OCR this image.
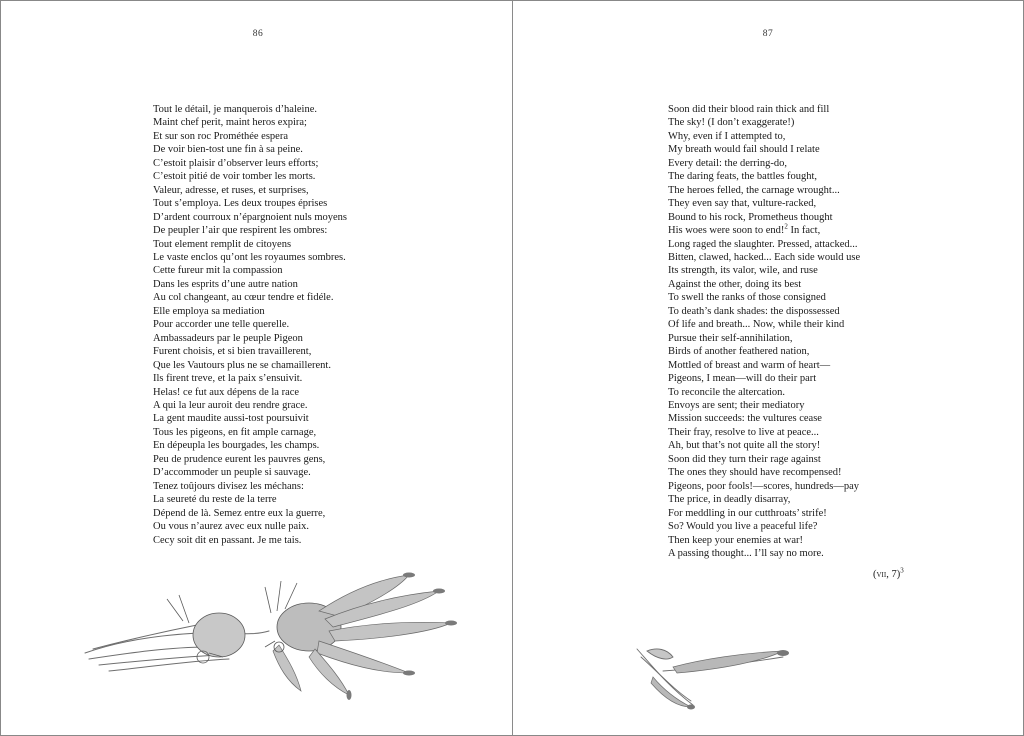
86
Tout le détail, je manquerois d’haleine.
Maint chef perit, maint heros expira;
Et sur son roc Prométhée espera
De voir bien-tost une fin à sa peine.
C’estoit plaisir d’observer leurs efforts;
C’estoit pitié de voir tomber les morts.
Valeur, adresse, et ruses, et surprises,
Tout s’employa. Les deux troupes éprises
D’ardent courroux n’épargnoient nuls moyens
De peupler l’air que respirent les ombres:
Tout element remplit de citoyens
Le vaste enclos qu’ont les royaumes sombres.
Cette fureur mit la compassion
Dans les esprits d’une autre nation
Au col changeant, au cœur tendre et fidéle.
Elle employa sa mediation
Pour accorder une telle querelle.
Ambassadeurs par le peuple Pigeon
Furent choisis, et si bien travaillerent,
Que les Vautours plus ne se chamaillerent.
Ils firent treve, et la paix s’ensuivit.
Helas! ce fut aux dépens de la race
A qui la leur auroit deu rendre grace.
La gent maudite aussi-tost poursuivit
Tous les pigeons, en fit ample carnage,
En dépeupla les bourgades, les champs.
Peu de prudence eurent les pauvres gens,
D’accommoder un peuple si sauvage.
Tenez toûjours divisez les méchans:
La seureté du reste de la terre
Dépend de là. Semez entre eux la guerre,
Ou vous n’aurez avec eux nulle paix.
Cecy soit dit en passant. Je me tais.
87
Soon did their blood rain thick and fill
The sky! (I don’t exaggerate!)
Why, even if I attempted to,
My breath would fail should I relate
Every detail: the derring-do,
The daring feats, the battles fought,
The heroes felled, the carnage wrought...
They even say that, vulture-racked,
Bound to his rock, Prometheus thought
His woes were soon to end!$^2$ In fact,
Long raged the slaughter. Pressed, attacked...
Bitten, clawed, hacked... Each side would use
Its strength, its valor, wile, and ruse
Against the other, doing its best
To swell the ranks of those consigned
To death’s dank shades: the dispossessed
Of life and breath... Now, while their kind
Pursue their self-annihilation,
Birds of another feathered nation,
Mottled of breast and warm of heart—
Pigeons, I mean—will do their part
To reconcile the altercation.
Envoys are sent; their mediatory
Mission succeeds: the vultures cease
Their fray, resolve to live at peace...
Ah, but that’s not quite all the story!
Soon did they turn their rage against
The ones they should have recompensed!
Pigeons, poor fools!—scores, hundreds—pay
The price, in deadly disarray,
For meddling in our cutthroats’ strife!
So? Would you live a peaceful life?
Then keep your enemies at war!
A passing thought... I’ll say no more.
(vii, 7)$^3$
